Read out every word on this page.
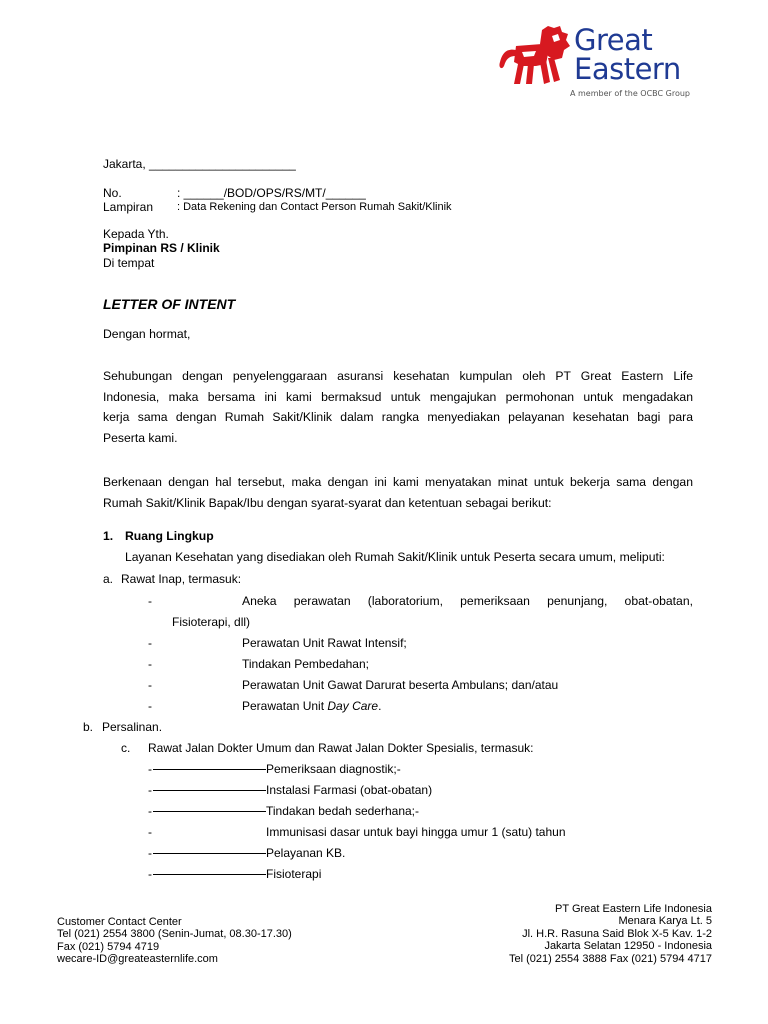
Great
Eastern
A member of the OCBC Group
Jakarta, ______________________
No.	: ______/BOD/OPS/RS/MT/______
Lampiran : Data Rekening dan Contact Person Rumah Sakit/Klinik
Kepada Yth.
Pimpinan RS / Klinik
Di tempat
LETTER OF INTENT
Dengan hormat,
Sehubungan dengan penyelenggaraan asuransi kesehatan kumpulan oleh PT Great Eastern Life
Indonesia, maka bersama ini kami bermaksud untuk mengajukan permohonan untuk mengadakan
kerja sama dengan Rumah Sakit/Klinik dalam rangka menyediakan pelayanan kesehatan bagi para
Peserta kami.
Berkenaan dengan hal tersebut, maka dengan ini kami menyatakan minat untuk bekerja sama dengan
Rumah Sakit/Klinik Bapak/Ibu dengan syarat-syarat dan ketentuan sebagai berikut:
1. Ruang Lingkup
Layanan Kesehatan yang disediakan oleh Rumah Sakit/Klinik untuk Peserta secara umum, meliputi:
a. Rawat Inap, termasuk:
-	Aneka perawatan (laboratorium, pemeriksaan penunjang, obat-obatan,
Fisioterapi, dll)
-	Perawatan Unit Rawat Intensif;
-	Tindakan Pembedahan;
-	Perawatan Unit Gawat Darurat beserta Ambulans; dan/atau
-	Perawatan Unit Day Care.
b. Persalinan.
c. Rawat Jalan Dokter Umum dan Rawat Jalan Dokter Spesialis, termasuk:
-	Pemeriksaan diagnostik;-
-	Instalasi Farmasi (obat-obatan)
-	Tindakan bedah sederhana;-
-	Immunisasi dasar untuk bayi hingga umur 1 (satu) tahun
-	Pelayanan KB.
-	Fisioterapi
Customer Contact Center
Tel (021) 2554 3800 (Senin-Jumat, 08.30-17.30)
Fax (021) 5794 4719
wecare-ID@greateasternlife.com
PT Great Eastern Life Indonesia
Menara Karya Lt. 5
Jl. H.R. Rasuna Said Blok X-5 Kav. 1-2
Jakarta Selatan 12950 - Indonesia
Tel (021) 2554 3888 Fax (021) 5794 4717
